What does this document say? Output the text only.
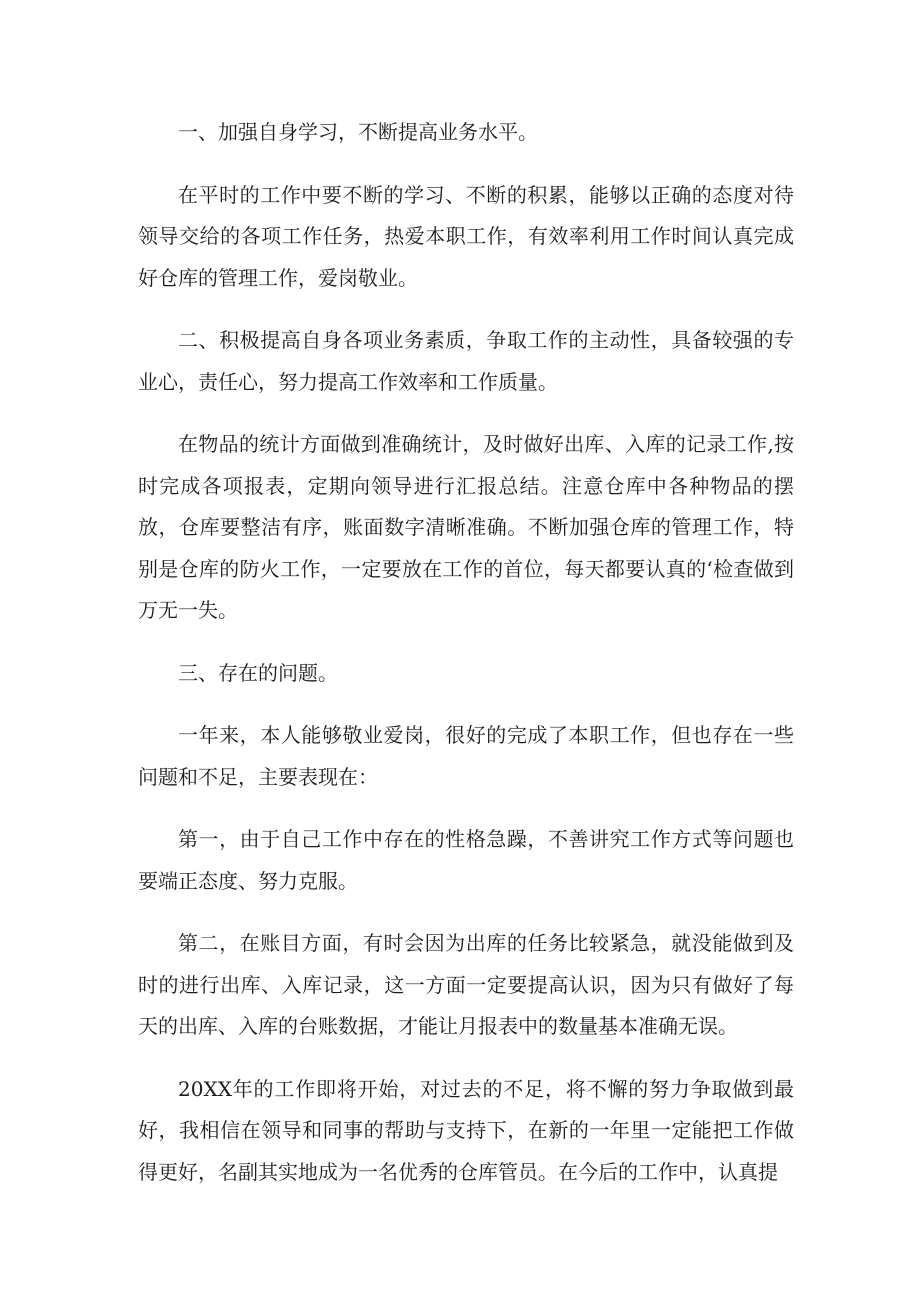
一、加强自身学习，不断提高业务水平。

在平时的工作中要不断的学习、不断的积累，能够以正确的态度对待领导交给的各项工作任务，热爱本职工作，有效率利用工作时间认真完成好仓库的管理工作，爱岗敬业。

二、积极提高自身各项业务素质，争取工作的主动性，具备较强的专业心，责任心，努力提高工作效率和工作质量。

在物品的统计方面做到准确统计，及时做好出库、入库的记录工作,按时完成各项报表，定期向领导进行汇报总结。注意仓库中各种物品的摆放，仓库要整洁有序，账面数字清晰准确。不断加强仓库的管理工作，特别是仓库的防火工作，一定要放在工作的首位，每天都要认真的‘检查做到万无一失。

三、存在的问题。

一年来，本人能够敬业爱岗，很好的完成了本职工作，但也存在一些问题和不足，主要表现在：

第一，由于自己工作中存在的性格急躁，不善讲究工作方式等问题也要端正态度、努力克服。

第二，在账目方面，有时会因为出库的任务比较紧急，就没能做到及时的进行出库、入库记录，这一方面一定要提高认识，因为只有做好了每天的出库、入库的台账数据，才能让月报表中的数量基本准确无误。

20XX年的工作即将开始，对过去的不足，将不懈的努力争取做到最好，我相信在领导和同事的帮助与支持下，在新的一年里一定能把工作做得更好，名副其实地成为一名优秀的仓库管员。在今后的工作中，认真提
